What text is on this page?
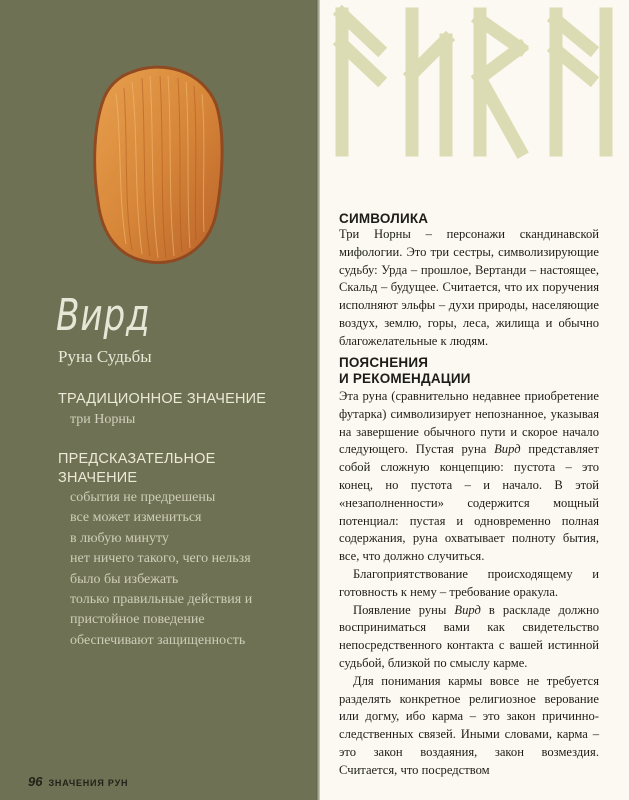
Вирд
Руна Судьбы
ТРАДИЦИОННОЕ ЗНАЧЕНИЕ
три Норны
ПРЕДСКАЗАТЕЛЬНОЕ
ЗНАЧЕНИЕ
события не предрешены
все может измениться
в любую минуту
нет ничего такого, чего нельзя
было бы избежать
только правильные действия и
пристойное поведение
обеспечивают защищенность
СИМВОЛИКА

Три Норны – персонажи скандинавской мифологии. Это три сестры, символизирующие судьбу: Урда – прошлое, Вертанди – настоящее, Скальд – будущее. Считается, что их поручения исполняют эльфы – духи природы, населяющие воздух, землю, горы, леса, жилища и обычно благожелательные к людям.

ПОЯСНЕНИЯ
И РЕКОМЕНДАЦИИ

Эта руна (сравнительно недавнее приобретение футарка) символизирует непознанное, указывая на завершение обычного пути и скорое начало следующего. Пустая руна Вирд представляет собой сложную концепцию: пустота – это конец, но пустота – и начало. В этой «незаполненности» содержится мощный потенциал: пустая и одновременно полная содержания, руна охватывает полноту бытия, все, что должно случиться.

Благоприятствование происходящему и готовность к нему – требование оракула.

Появление руны Вирд в раскладе должно восприниматься вами как свидетельство непосредственного контакта с вашей истинной судьбой, близкой по смыслу карме.

Для понимания кармы вовсе не требуется разделять конкретное религиозное верование или догму, ибо карма – это закон причинно-следственных связей. Иными словами, карма – это закон воздаяния, закон возмездия. Считается, что посредством

96 ЗНАЧЕНИЯ РУН
